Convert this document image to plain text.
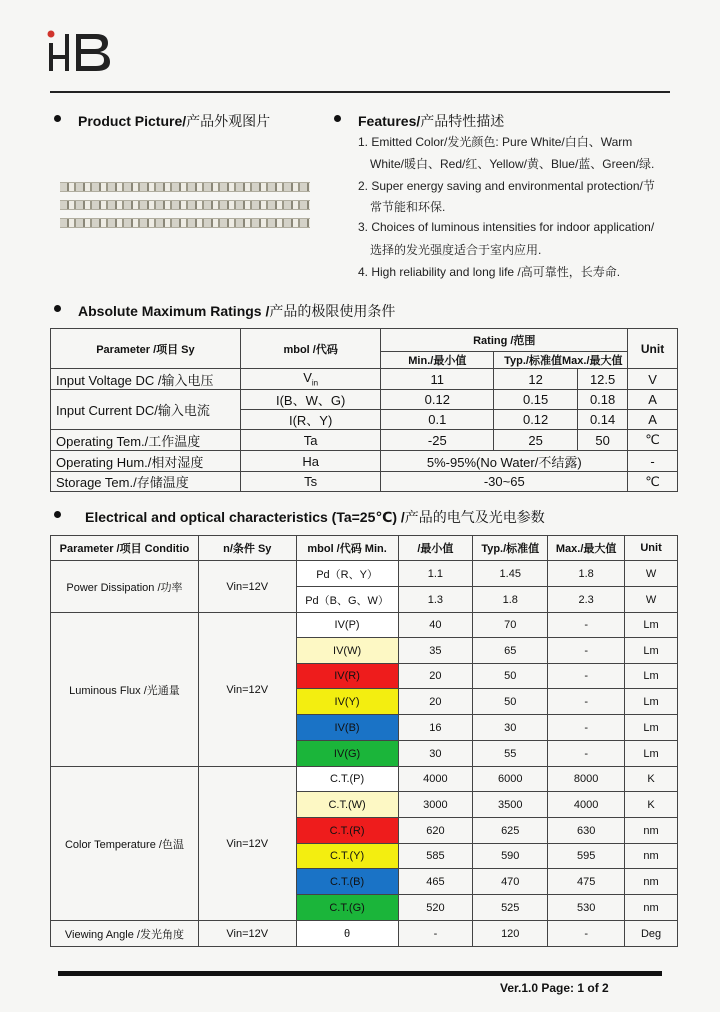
Product Picture/产品外观图片	Features/产品特性描述
1. Emitted Color/发光颜色: Pure White/白白、Warm
White/暖白、Red/红、Yellow/黄、Blue/蓝、Green/绿.
2. Super energy saving and environmental protection/节
常节能和环保.
3. Choices of luminous intensities for indoor application/
选择的发光强度适合于室内应用.
4. High reliability and long life /高可靠性，长寿命.
Absolute Maximum Ratings /产品的极限使用条件
Parameter /项目 Sy	mbol /代码	Rating /范围			Unit
		Min./最小值	Typ./标准值Max./最大值		
Input Voltage DC /输入电压	$V_{in}$	11	12	12.5	V
Input Current DC/输入电流	I(B、W、G)	0.12	0.15	0.18	A
	I(R、Y)	0.1	0.12	0.14	A
Operating Tem./工作温度	Ta	-25	25	50	℃
Operating Hum./相对湿度	Ha	5%-95%(No Water/不结露)			-
Storage Tem./存储温度	Ts	-30~65			℃
Electrical and optical characteristics (Ta=25℃) /产品的电气及光电参数
Parameter /项目 Conditio	n/条件 Sy	mbol /代码 Min.	/最小值	Typ./标准值	Max./最大值	Unit
Power Dissipation /功率	Vin=12V	Pd（R、Y）	1.1	1.45	1.8	W
		Pd（B、G、W）	1.3	1.8	2.3	W
Luminous Flux /光通量	Vin=12V	IV(P)	40	70	-	Lm
		IV(W)	35	65	-	Lm
		IV(R)	20	50	-	Lm
		IV(Y)	20	50	-	Lm
		IV(B)	16	30	-	Lm
		IV(G)	30	55	-	Lm
Color Temperature /色温	Vin=12V	C.T.(P)	4000	6000	8000	K
		C.T.(W)	3000	3500	4000	K
		C.T.(R)	620	625	630	nm
		C.T.(Y)	585	590	595	nm
		C.T.(B)	465	470	475	nm
		C.T.(G)	520	525	530	nm
Viewing Angle /发光角度	Vin=12V	θ	-	120	-	Deg
Ver.1.0 Page: 1 of 2
